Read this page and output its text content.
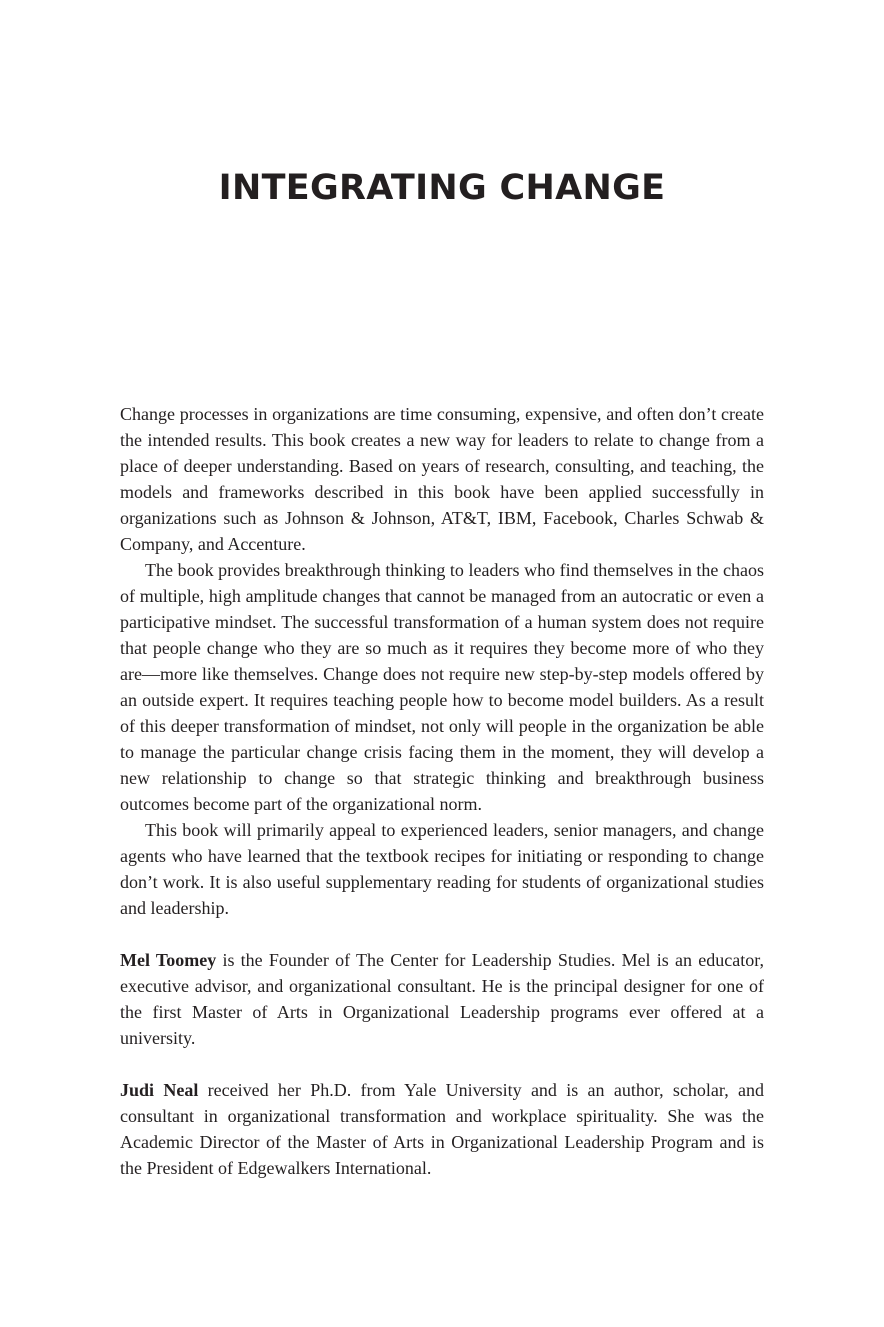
INTEGRATING CHANGE

Change processes in organizations are time consuming, expensive, and often don’t create the intended results. This book creates a new way for leaders to relate to change from a place of deeper understanding. Based on years of research, consulting, and teaching, the models and frameworks described in this book have been applied successfully in organizations such as Johnson & Johnson, AT&T, IBM, Facebook, Charles Schwab & Company, and Accenture.

The book provides breakthrough thinking to leaders who find themselves in the chaos of multiple, high amplitude changes that cannot be managed from an autocratic or even a participative mindset. The successful transformation of a human system does not require that people change who they are so much as it requires they become more of who they are—more like themselves. Change does not require new step-by-step models offered by an outside expert. It requires teaching people how to become model builders. As a result of this deeper transformation of mindset, not only will people in the organization be able to manage the particular change crisis facing them in the moment, they will develop a new relationship to change so that strategic thinking and breakthrough business outcomes become part of the organizational norm.

This book will primarily appeal to experienced leaders, senior managers, and change agents who have learned that the textbook recipes for initiating or responding to change don’t work. It is also useful supplementary reading for students of organizational studies and leadership.

Mel Toomey is the Founder of The Center for Leadership Studies. Mel is an educator, executive advisor, and organizational consultant. He is the principal designer for one of the first Master of Arts in Organizational Leadership programs ever offered at a university.

Judi Neal received her Ph.D. from Yale University and is an author, scholar, and consultant in organizational transformation and workplace spirituality. She was the Academic Director of the Master of Arts in Organizational Leadership Program and is the President of Edgewalkers International.
